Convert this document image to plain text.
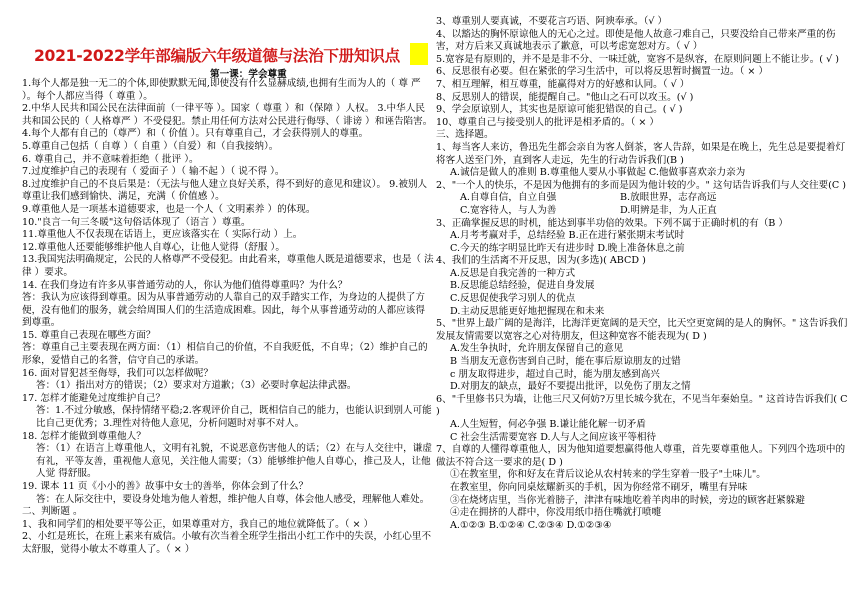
2021-2022学年部编版六年级道德与法治下册知识点
第一课：学会尊重
1.每个人都是独一无二的个体,即使默默无闻,即使没有什么显赫成绩,也拥有生而为人的（ 尊 严 ）。每个人都应当得（ 尊重 ）。
2.中华人民共和国公民在法律面前（一律平等 ）。国家（ 尊重 ）和（保障 ）人权。 3.中华人民共和国公民的（ 人格尊严 ）不受侵犯。禁止用任何方法对公民进行侮辱、（ 诽谤 ）和诬告陷害。
4.每个人都有自己的（尊严）和（ 价值 ）。只有尊重自己，才会获得别人的尊重。
5.尊重自己包括（ 自尊 ）（ 自重 ）（自爱）和（自我接纳）。
6. 尊重自己，并不意味着拒绝（ 批评 ）。
7.过度维护自己的表现有（ 爱面子 ）（ 输不起 ）（ 说不得 ）。
8.过度维护自己的不良后果是：（无法与他人建立良好关系，得不到好的意见和建议）。 9.被别人尊重让我们感到愉快、满足，充满（ 价值感 ）。
9.尊重他人是一项基本道德要求，也是一个人（ 文明素养 ）的体现。
10."良言一句三冬暖"这句俗话体现了（语言 ）尊重。
11.尊重他人不仅表现在话语上，更应该落实在（ 实际行动 ）上。
12.尊重他人还要能够维护他人自尊心，让他人觉得（舒服 ）。
13.我国宪法明确规定，公民的人格尊严不受侵犯。由此看来，尊重他人既是道德要求，也是（ 法律 ）要求。
14. 在我们身边有许多从事普通劳动的人，你认为他们值得尊重吗？为什么？
答：我认为应该得到尊重。因为从事普通劳动的人靠自己的双手踏实工作，为身边的人提供了方便，没有他们的服务，就会给周围人们的生活造成困难。因此，每个从事普通劳动的人都应该得到尊重。
15. 尊重自己表现在哪些方面？
答：尊重自己主要表现在两方面：（1）相信自己的价值，不自我贬低，不自卑；（2）维护自己的形象，爱惜自己的名誉，信守自己的承诺。
16. 面对冒犯甚至侮辱，我们可以怎样做呢？
答：（1）指出对方的错误；（2）要求对方道歉；（3）必要时拿起法律武器。
17. 怎样才能避免过度维护自己？
答：1.不过分敏感，保持情绪平稳;2.客观评价自己，既相信自己的能力，也能认识到别人可能比自己更优秀；3.理性对待他人意见，分析问题时对事不对人。
18. 怎样才能做到尊重他人？
答：（1）在语言上尊重他人，文明有礼貌，不说恶意伤害他人的话；（2）在与人交往中，谦虚有礼，平等友善，重视他人意见，关注他人需要；（3）能够维护他人自尊心，推己及人，让他人觉 得舒服。
19. 课本 11 页《小小的善》故事中女士的善举，你体会到了什么？
答：在人际交往中，要设身处地为他人着想，维护他人自尊，体会他人感受，理解他人难处。
二、判断题 。
1、我和同学们的相处要平等公正，如果尊重对方，我自己的地位就降低了。（ × ）
2、小红是班长，在班上素来有威信。小敏有次当着全班学生指出小红工作中的失误，小红心里不太舒服，觉得小敏太不尊重人了。（ × ）
3、尊重别人要真诚，不要花言巧语、阿谀奉承。（√ ）
4、以豁达的胸怀原谅他人的无心之过。即使是他人故意刁难自己，只要没给自己带来严重的伤害，对方后来又真诚地表示了歉意，可以考虑宽恕对方。（ √ ）
5.宽容是有原则的，并不是是非不分、一味迁就，宽容不是纵容，在原则问题上不能让步。( √ )
6、反思很有必要。但在紧张的学习生活中，可以将反思暂时搁置一边。（ × ）
7、相互理解，相互尊重，能赢得对方的好感和认同。（ √ ）
8、反思别人的错误，能提醒自己。"他山之石可以攻玉。(√ )
9、学会原谅别人，其实也是原谅可能犯错误的自己。( √ )
10、尊重自己与接受别人的批评是相矛盾的。（ × ）
三、选择题。
1、每当客人来访，鲁迅先生都会亲自为客人倒茶，客人告辞，如果是在晚上，先生总是要提着灯将客人送至门外，直到客人走远，先生的行动告诉我们(B )
A.诚信是做人的准则 B.尊重他人要从小事做起 C.他做事喜欢亲力亲为
2、"一个人的快乐，不是因为他拥有的多而是因为他计较的少。" 这句话告诉我们与人交往要(C )
A.自尊自信，自立自强	B.放眼世界，志存高远
C.宽容待人，与人为善	D.明辨是非，为人正直
3、正确掌握反思的时机，能达到事半功倍的效果。下列不属于正确时机的有（B ）
A.月考考赢对手，总结经验 B.正在进行紧张期末考试时
C.今天的练字明显比昨天有进步时 D.晚上准备休息之前
4、我们的生活离不开反思，因为(多选)( ABCD )
A.反思是自我完善的一种方式
B.反思能总结经验，促进自身发展
C.反思促使我学习别人的优点
D.主动反思能更好地把握现在和未来
5、"世界上最广阔的是海洋，比海洋更宽阔的是天空，比天空更宽阔的是人的胸怀。" 这告诉我们发展友情需要以宽容之心对待朋友，但这种宽容不能表现为( D )
A.发生争执时，允许朋友保留自己的意见
B 当朋友无意伤害到自己时，能在事后原谅朋友的过错
c 朋友取得进步，超过自己时，能为朋友感到高兴
D.对朋友的缺点，最好不要提出批评，以免伤了朋友之情
6、"千里修书只为墙，让他三尺又何妨?万里长城今犹在，不见当年秦始皇。" 这首诗告诉我们( C )
A.人生短暂，何必争强 B.谦让能化解一切矛盾
C 社会生活需要宽容 D.人与人之间应该平等相待
7、自尊的人懂得尊重他人，因为他知道要想赢得他人尊重，首先要尊重他人。下列四个选项中的做法不符合这一要求的是( D )
①在教室里，你和好友在背后议论从农村转来的学生穿着一股子"土味儿"。
在教室里，你向同桌炫耀新买的手机，因为你经常不刷牙，嘴里有异味
③在烧烤店里，当你光着膀子，津津有味地吃着羊肉串的时候，旁边的顾客赶紧躲避
④走在拥挤的人群中，你没用纸巾捂住嘴就打喷嚏
A.①②③ B.①②④ C.②③④ D.①②③④
